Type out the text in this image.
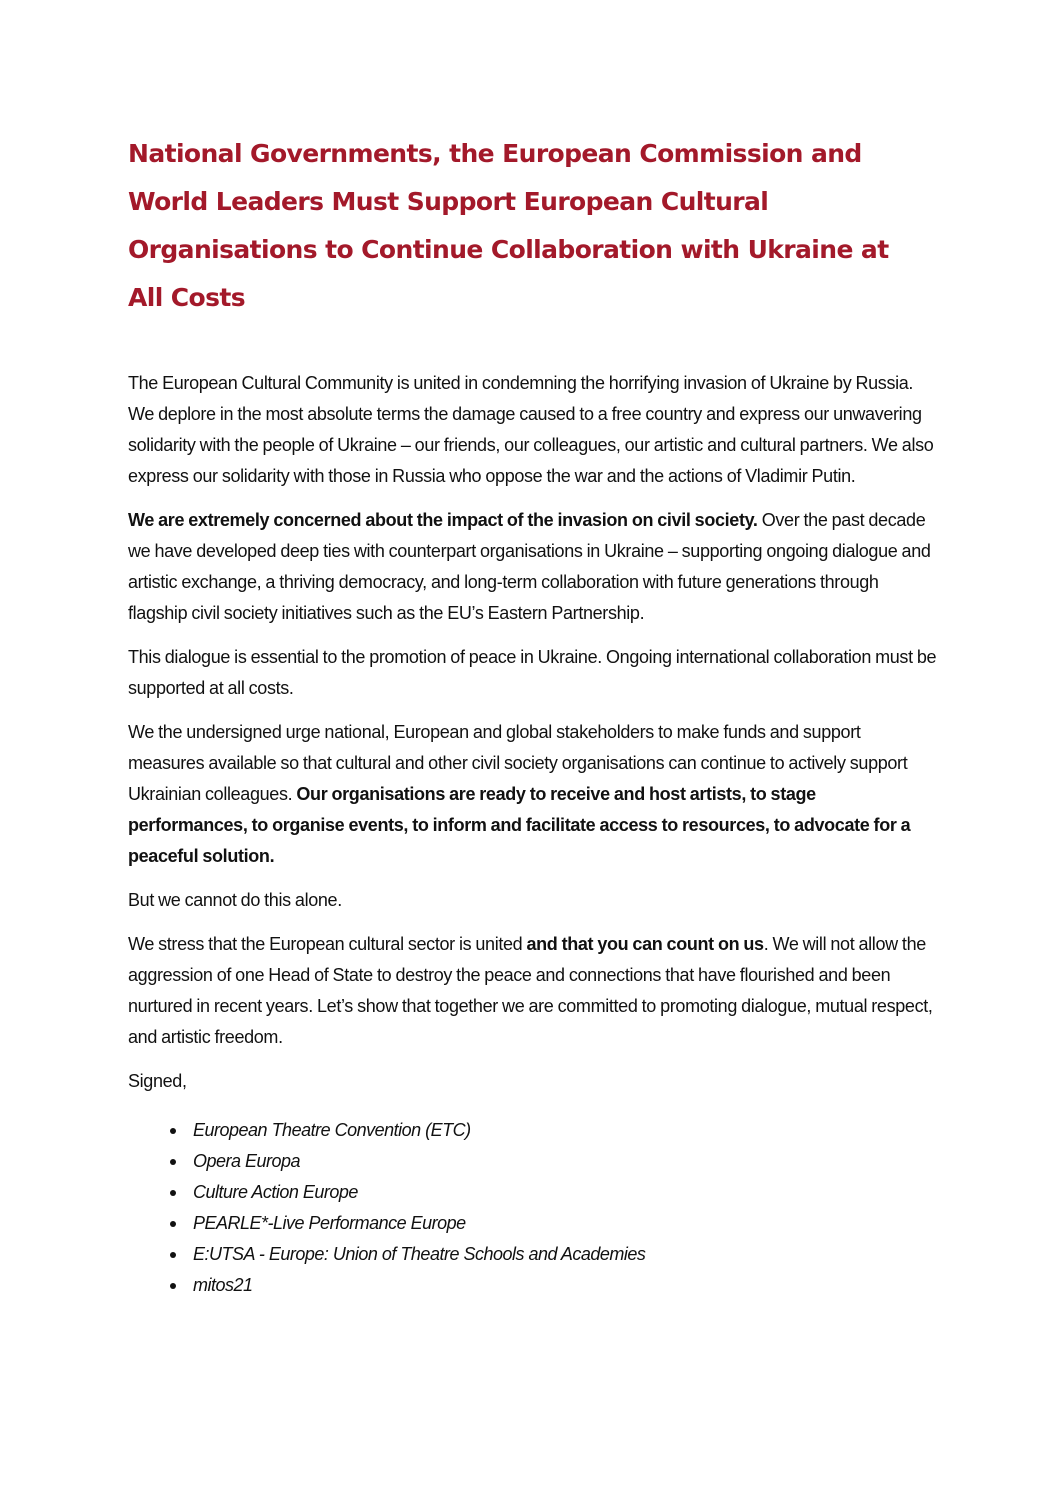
National Governments, the European Commission and
World Leaders Must Support European Cultural
Organisations to Continue Collaboration with Ukraine at
All Costs

The European Cultural Community is united in condemning the horrifying invasion of Ukraine by Russia. We deplore in the most absolute terms the damage caused to a free country and express our unwavering solidarity with the people of Ukraine – our friends, our colleagues, our artistic and cultural partners. We also express our solidarity with those in Russia who oppose the war and the actions of Vladimir Putin.

We are extremely concerned about the impact of the invasion on civil society. Over the past decade we have developed deep ties with counterpart organisations in Ukraine – supporting ongoing dialogue and artistic exchange, a thriving democracy, and long-term collaboration with future generations through flagship civil society initiatives such as the EU’s Eastern Partnership.

This dialogue is essential to the promotion of peace in Ukraine. Ongoing international collaboration must be supported at all costs.

We the undersigned urge national, European and global stakeholders to make funds and support measures available so that cultural and other civil society organisations can continue to actively support Ukrainian colleagues. Our organisations are ready to receive and host artists, to stage performances, to organise events, to inform and facilitate access to resources, to advocate for a peaceful solution.

But we cannot do this alone.

We stress that the European cultural sector is united and that you can count on us. We will not allow the aggression of one Head of State to destroy the peace and connections that have flourished and been nurtured in recent years. Let’s show that together we are committed to promoting dialogue, mutual respect, and artistic freedom.

Signed,

European Theatre Convention (ETC)
Opera Europa
Culture Action Europe
PEARLE*-Live Performance Europe
E:UTSA - Europe: Union of Theatre Schools and Academies
mitos21
